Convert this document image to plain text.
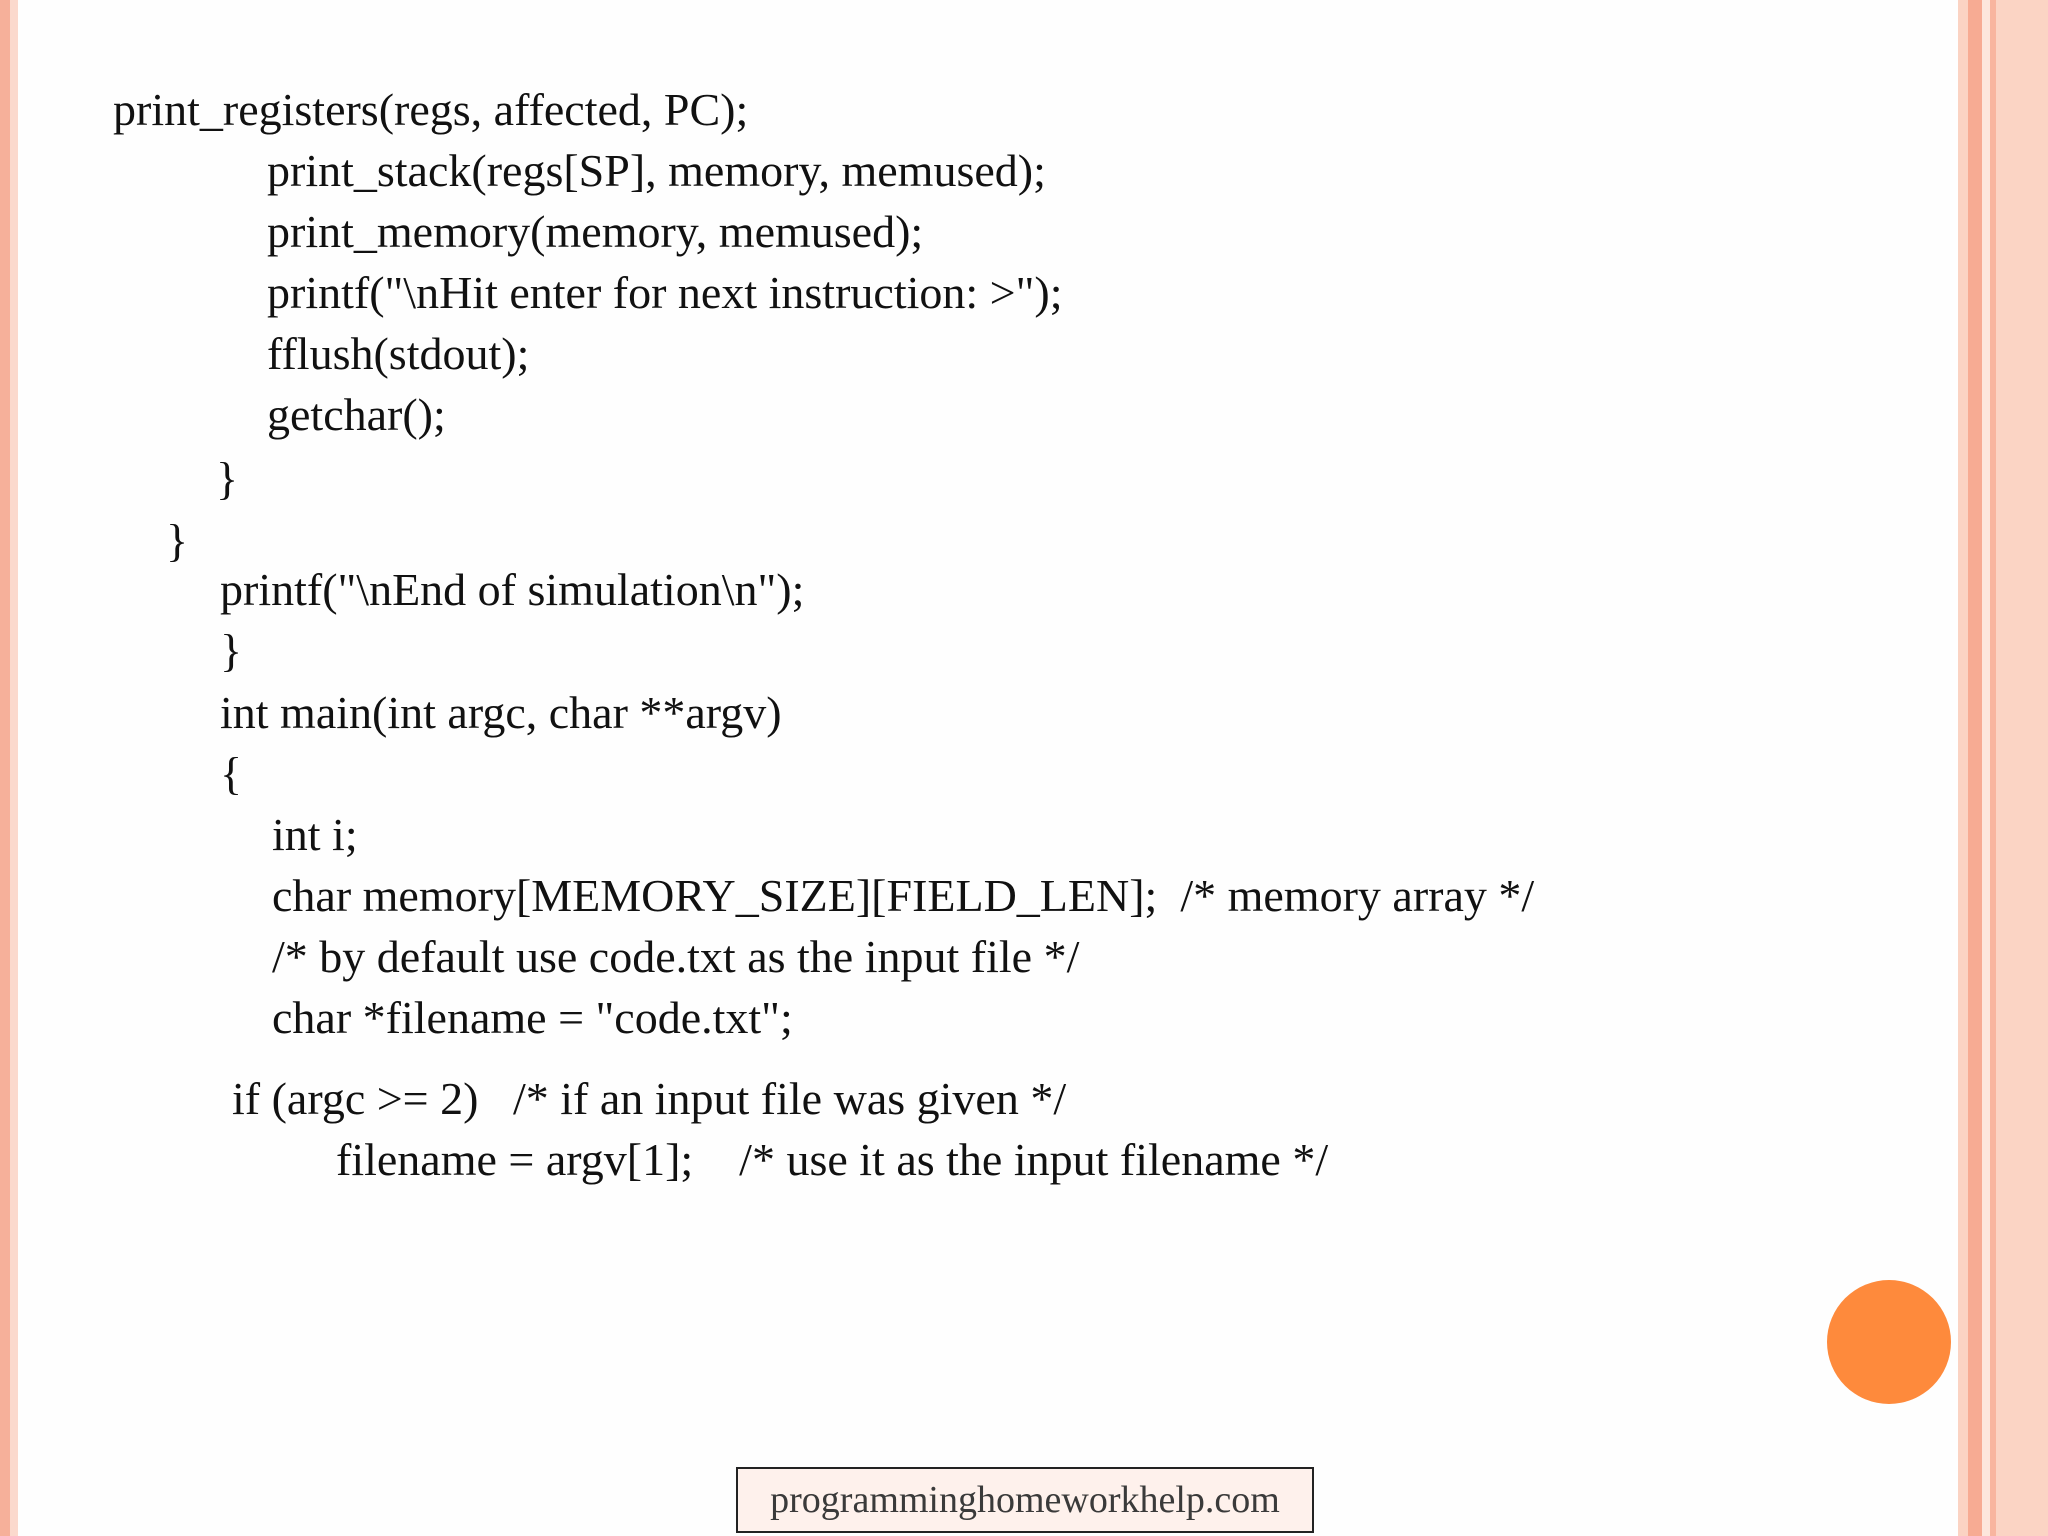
print_registers(regs, affected, PC);

print_stack(regs[SP], memory, memused);

print_memory(memory, memused);

printf("\nHit enter for next instruction: >");

fflush(stdout);

getchar();

}

}

printf("\nEnd of simulation\n");

}

int main(int argc, char **argv)

{

int i;

char memory[MEMORY_SIZE][FIELD_LEN];  /* memory array */

/* by default use code.txt as the input file */

char *filename = "code.txt";

if (argc >= 2)   /* if an input file was given */

filename = argv[1];    /* use it as the input filename */

programminghomeworkhelp.com
